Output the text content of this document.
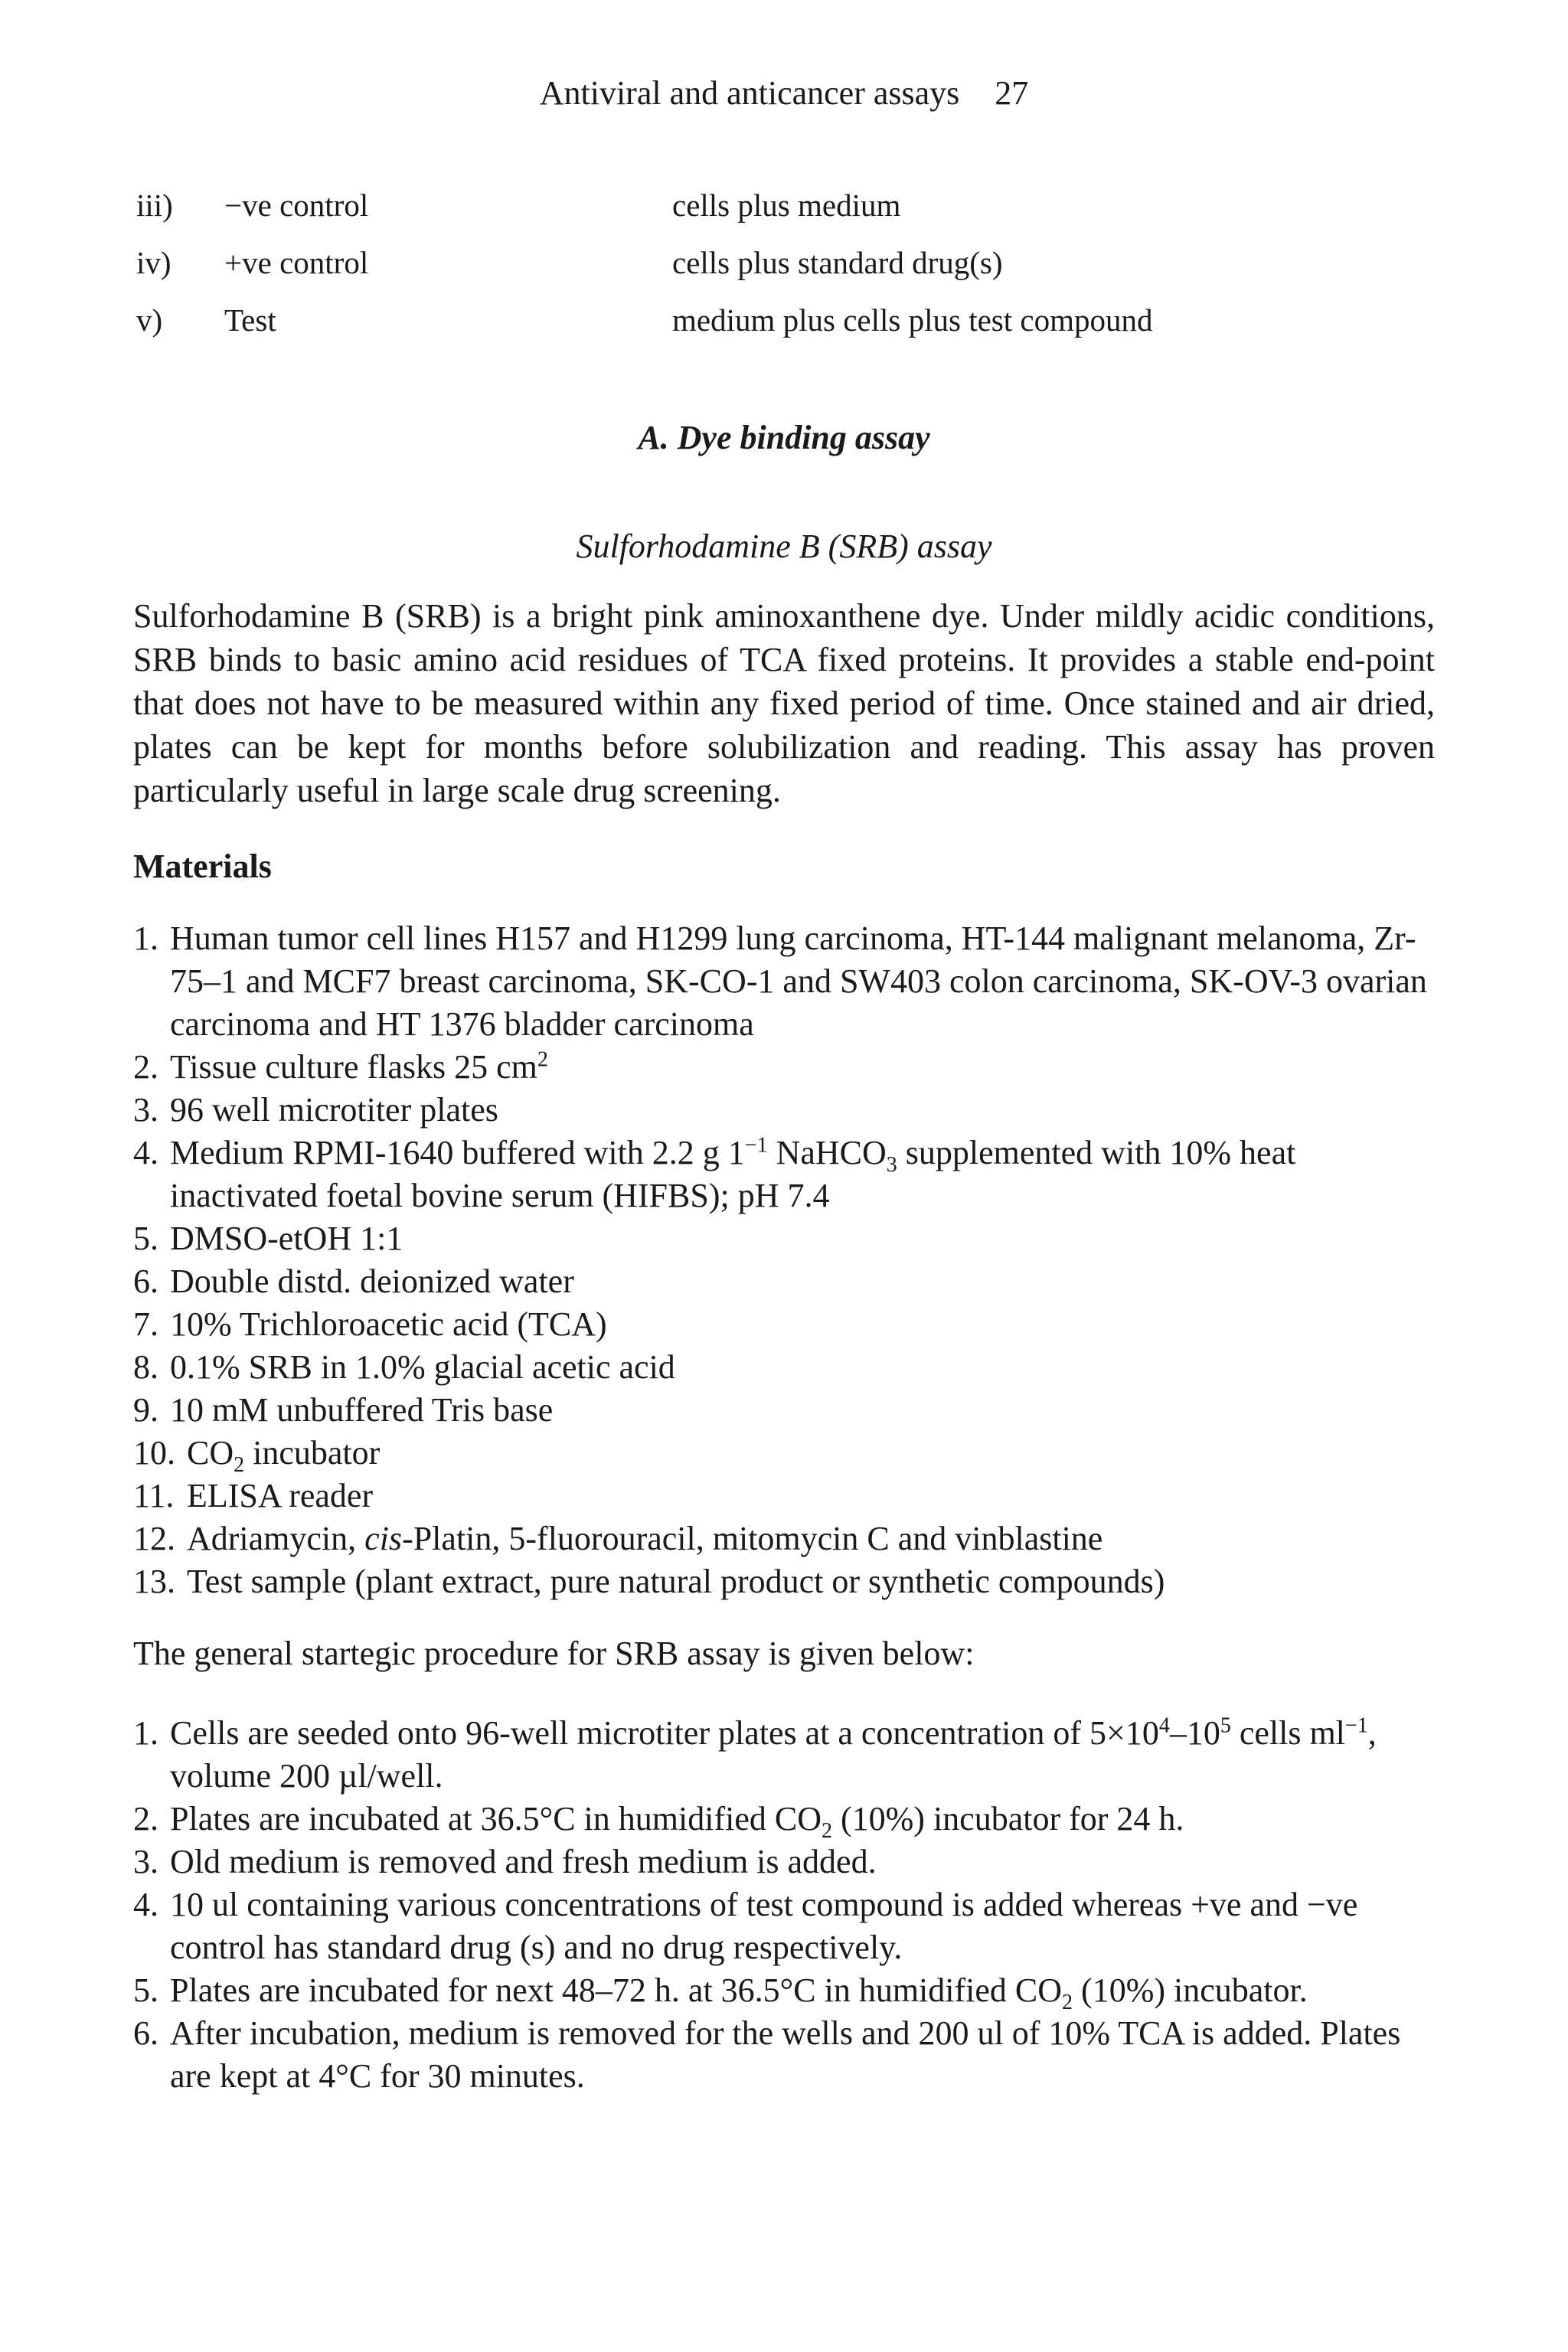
Antiviral and anticancer assays 27
iii) −ve control	cells plus medium
iv) +ve control	cells plus standard drug(s)
v) Test	medium plus cells plus test compound
A. Dye binding assay
Sulforhodamine B (SRB) assay

Sulforhodamine B (SRB) is a bright pink aminoxanthene dye. Under mildly acidic conditions, SRB binds to basic amino acid residues of TCA fixed proteins. It provides a stable end-point that does not have to be measured within any fixed period of time. Once stained and air dried, plates can be kept for months before solubilization and reading. This assay has proven particularly useful in large scale drug screening.

Materials
1. Human tumor cell lines H157 and H1299 lung carcinoma, HT-144 malignant melanoma, Zr-75–1 and MCF7 breast carcinoma, SK-CO-1 and SW403 colon carcinoma, SK-OV-3 ovarian carcinoma and HT 1376 bladder carcinoma
2. Tissue culture flasks 25 $cm^2$
3. 96 well microtiter plates
4. Medium RPMI-1640 buffered with 2.2 g $1^{-1}$ NaHCO$_3$ supplemented with 10% heat inactivated foetal bovine serum (HIFBS); pH 7.4
5. DMSO-etOH 1:1
6. Double distd. deionized water
7. 10% Trichloroacetic acid (TCA)
8. 0.1% SRB in 1.0% glacial acetic acid
9. 10 mM unbuffered Tris base
10. $CO_2$ incubator
11. ELISA reader
12. Adriamycin, cis-Platin, 5-fluorouracil, mitomycin C and vinblastine
13. Test sample (plant extract, pure natural product or synthetic compounds)
The general startegic procedure for SRB assay is given below:
1. Cells are seeded onto 96-well microtiter plates at a concentration of $5\times 10^4-10^5$ cells $ml^{-1}$, volume 200 µl/well.
2. Plates are incubated at 36.5°C in humidified $CO_2$ (10%) incubator for 24 h.
3. Old medium is removed and fresh medium is added.
4. 10 ul containing various concentrations of test compound is added whereas +ve and −ve control has standard drug (s) and no drug respectively.
5. Plates are incubated for next 48–72 h. at 36.5°C in humidified $CO_2$ (10%) incubator.
6. After incubation, medium is removed for the wells and 200 ul of 10% TCA is added. Plates are kept at 4°C for 30 minutes.
